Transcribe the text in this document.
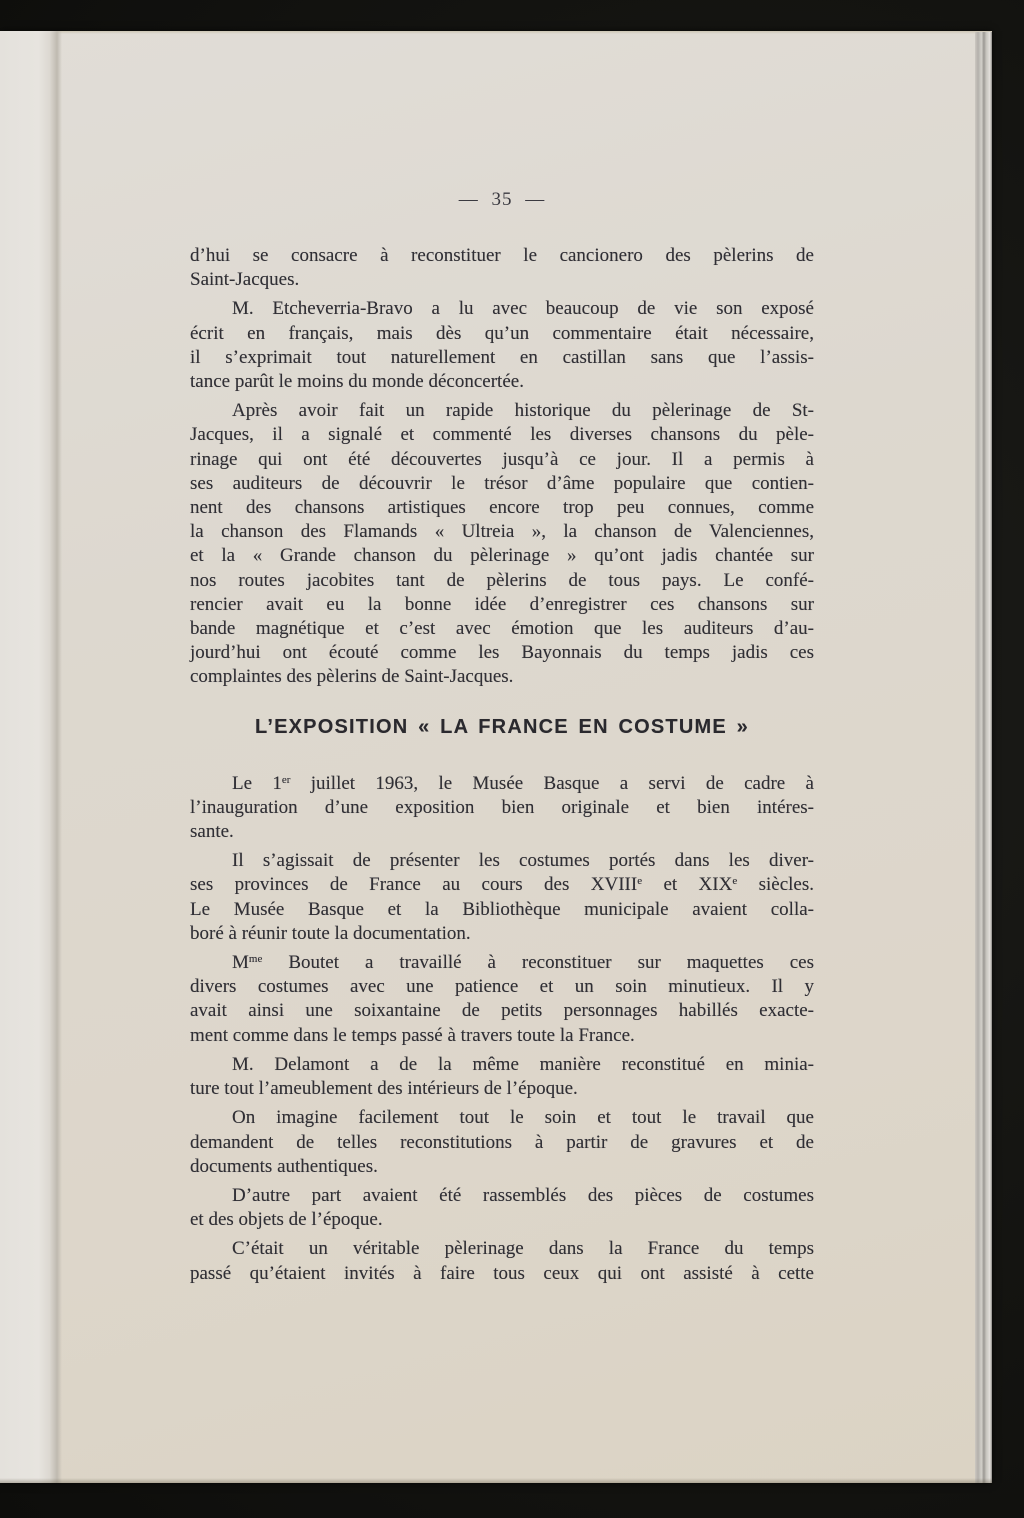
— 35 —
d’hui se consacre à reconstituer le cancionero des pèlerins de
Saint-Jacques.
M. Etcheverria-Bravo a lu avec beaucoup de vie son exposé
écrit en français, mais dès qu’un commentaire était nécessaire,
il s’exprimait tout naturellement en castillan sans que l’assis-
tance parût le moins du monde déconcertée.
Après avoir fait un rapide historique du pèlerinage de St-
Jacques, il a signalé et commenté les diverses chansons du pèle-
rinage qui ont été découvertes jusqu’à ce jour. Il a permis à
ses auditeurs de découvrir le trésor d’âme populaire que contien-
nent des chansons artistiques encore trop peu connues, comme
la chanson des Flamands « Ultreia », la chanson de Valenciennes,
et la « Grande chanson du pèlerinage » qu’ont jadis chantée sur
nos routes jacobites tant de pèlerins de tous pays. Le confé-
rencier avait eu la bonne idée d’enregistrer ces chansons sur
bande magnétique et c’est avec émotion que les auditeurs d’au-
jourd’hui ont écouté comme les Bayonnais du temps jadis ces
complaintes des pèlerins de Saint-Jacques.
L’EXPOSITION « LA FRANCE EN COSTUME »
Le 1er juillet 1963, le Musée Basque a servi de cadre à
l’inauguration d’une exposition bien originale et bien intéres-
sante.
Il s’agissait de présenter les costumes portés dans les diver-
ses provinces de France au cours des XVIIIe et XIXe siècles.
Le Musée Basque et la Bibliothèque municipale avaient colla-
boré à réunir toute la documentation.
$M^{me}$ Boutet a travaillé à reconstituer sur maquettes ces
divers costumes avec une patience et un soin minutieux. Il y
avait ainsi une soixantaine de petits personnages habillés exacte-
ment comme dans le temps passé à travers toute la France.
M. Delamont a de la même manière reconstitué en minia-
ture tout l’ameublement des intérieurs de l’époque.
On imagine facilement tout le soin et tout le travail que
demandent de telles reconstitutions à partir de gravures et de
documents authentiques.
D’autre part avaient été rassemblés des pièces de costumes
et des objets de l’époque.
C’était un véritable pèlerinage dans la France du temps
passé qu’étaient invités à faire tous ceux qui ont assisté à cette
